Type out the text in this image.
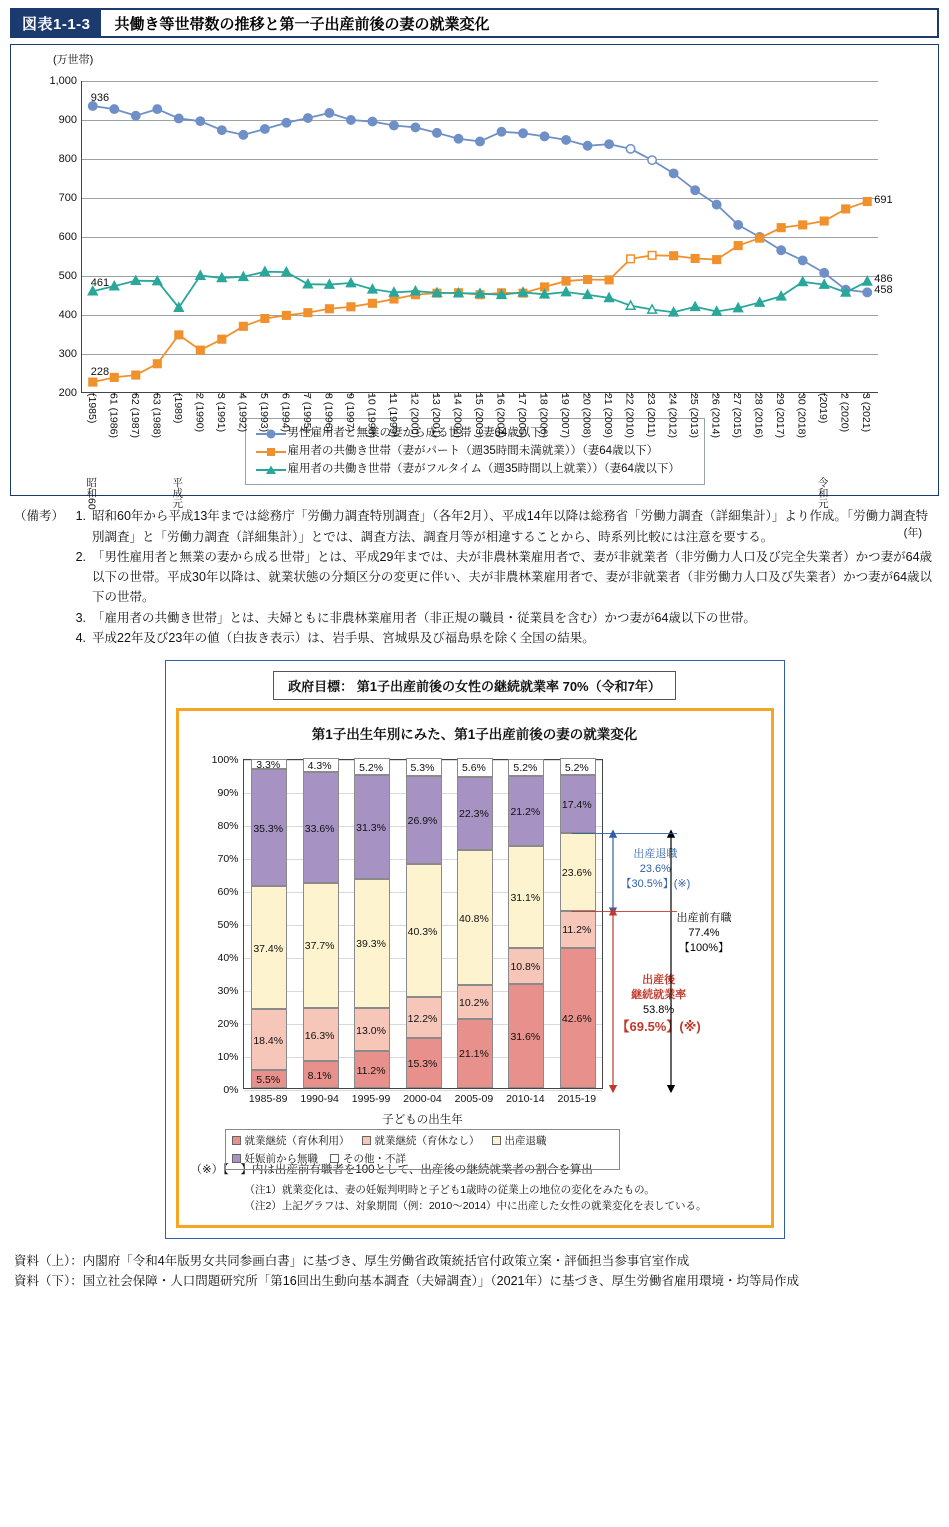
図表1-1-3	共働き等世帯数の推移と第一子出産前後の妻の就業変化
(万世帯)
200
300
400
500
600
700
800
900
1,000
936
458
228
691
461	486
(1985) 61 (1986) 62 (1987) 63 (1988) (1989) 2 (1990) 3 (1991) 4 (1992) 5 (1993) 6 (1994) 7 (1995) 8 (1996) 9 (1997) 10 (1998) 11 (1999) 12 (2000) 13 (2001) 14 (2002) 15 (2003) 16 (2004) 17 (2005) 18 (2006) 19 (2007) 20 (2008) 21 (2009) 22 (2010) 23 (2011) 24 (2012) 25 (2013) 26 (2014) 27 (2015) 28 (2016) 29 (2017) 30 (2018) (2019) 2 (2020) 3 (2021)
昭和60	平成元	令和元
(年)
男性雇用者と無業の妻から成る世帯（妻64歳以下）
雇用者の共働き世帯（妻がパート（週35時間未満就業））（妻64歳以下）
雇用者の共働き世帯（妻がフルタイム（週35時間以上就業））（妻64歳以下）
（備考） 1. 昭和60年から平成13年までは総務庁「労働力調査特別調査」（各年2月）、平成14年以降は総務省「労働力調査（詳細集計）」より作成。「労働力調査特別調査」と「労働力調査（詳細集計）」とでは、調査方法、調査月等が相違することから、時系列比較には注意を要する。
2. 「男性雇用者と無業の妻から成る世帯」とは、平成29年までは、夫が非農林業雇用者で、妻が非就業者（非労働力人口及び完全失業者）かつ妻が64歳以下の世帯。平成30年以降は、就業状態の分類区分の変更に伴い、夫が非農林業雇用者で、妻が非就業者（非労働力人口及び失業者）かつ妻が64歳以下の世帯。
3. 「雇用者の共働き世帯」とは、夫婦ともに非農林業雇用者（非正規の職員・従業員を含む）かつ妻が64歳以下の世帯。
4. 平成22年及び23年の値（白抜き表示）は、岩手県、宮城県及び福島県を除く全国の結果。
政府目標： 第1子出産前後の女性の継続就業率 70%（令和7年）
第1子出生年別にみた、第1子出産前後の妻の就業変化
0%
10%
20%
30%
40%
50%
60%
70%
80%
90%
100%
5.5%
18.4%
37.4%
35.3%
3.3%
8.1%
16.3%
37.7%
33.6%
4.3%
11.2%
13.0%
39.3%
31.3%
5.2%
15.3%
12.2%
40.3%
26.9%
5.3%
21.1%
10.2%
40.8%
22.3%
5.6%
31.6%
10.8%
31.1%
21.2%
5.2%
42.6%
11.2%
23.6%
17.4%
5.2%
子どもの出生年
就業継続（育休利用） 就業継続（育休なし） 出産退職
妊娠前から無職 その他・不詳
出産退職
23.6%
【30.5%】(※)
出産前有職
77.4%
【100%】
出産後
継続就業率
53.8%
【69.5%】(※)
1985-89 1990-94 1995-99 2000-04 2005-09 2010-14 2015-19
（※）【　】内は出産前有職者を100として、出産後の継続就業者の割合を算出
（注1）就業変化は、妻の妊娠判明時と子ども1歳時の従業上の地位の変化をみたもの。
（注2）上記グラフは、対象期間（例：2010～2014）中に出産した女性の就業変化を表している。
資料（上）： 内閣府「令和4年版男女共同参画白書」に基づき、厚生労働省政策統括官付政策立案・評価担当参事官室作成
資料（下）： 国立社会保障・人口問題研究所「第16回出生動向基本調査（夫婦調査）」（2021年）に基づき、厚生労働省雇用環境・均等局作成
